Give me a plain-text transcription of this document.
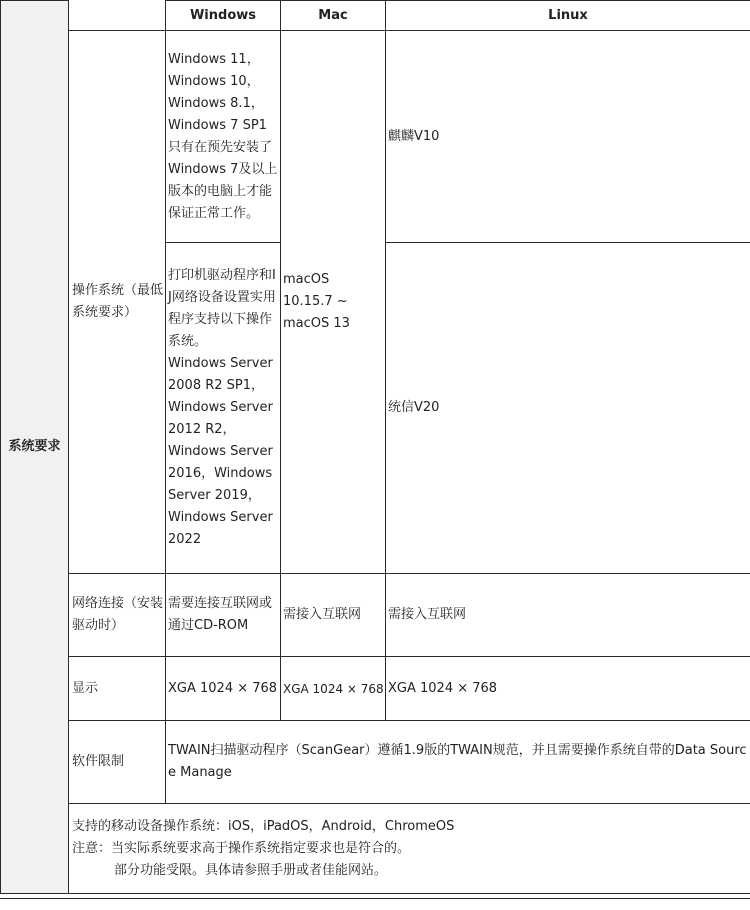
系统要求		Windows	Mac	Linux
	操作系统（最低系统要求）	Windows 11，
Windows 10，
Windows 8.1，
Windows 7 SP1
只有在预先安装了Windows 7及以上版本的电脑上才能保证正常工作。	macOS
10.15.7 ~
macOS 13	麒麟V10
		打印机驱动程序和IJ网络设备设置实用程序支持以下操作系统。
Windows Server 2008 R2 SP1，
Windows Server 2012 R2，
Windows Server 2016，Windows Server 2019，
Windows Server 2022		统信V20
	网络连接（安装驱动时）	需要连接互联网或通过CD-ROM	需接入互联网	需接入互联网
	显示	XGA 1024 × 768	XGA 1024 × 768	XGA 1024 × 768
	软件限制	TWAIN扫描驱动程序（ScanGear）遵循1.9版的TWAIN规范，并且需要操作系统自带的Data Source Manage		

	支持的移动设备操作系统：iOS，iPadOS，Android，ChromeOS
注意：当实际系统要求高于操作系统指定要求也是符合的。
部分功能受限。具体请参照手册或者佳能网站。			
